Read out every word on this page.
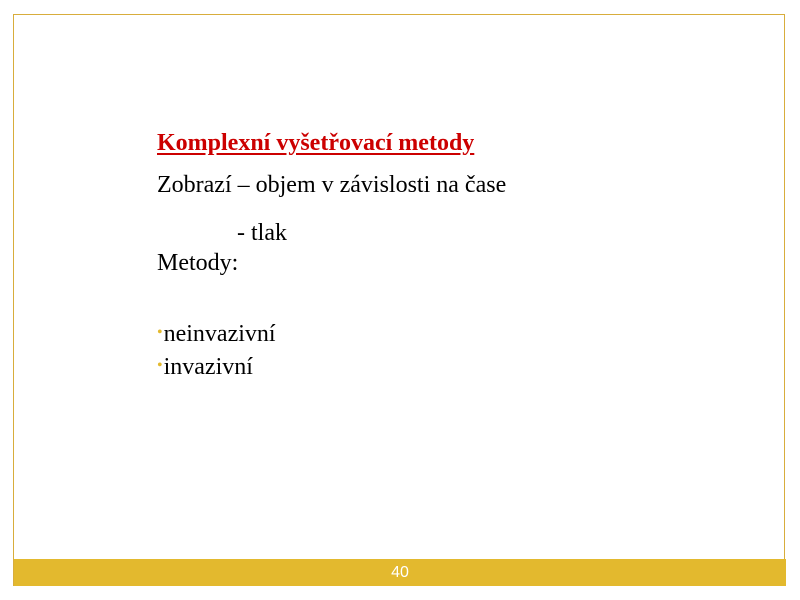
Komplexní vyšetřovací metody

Zobrazí – objem v závislosti na čase

- tlak

Metody:

•neinvazivní
•invazivní
40
